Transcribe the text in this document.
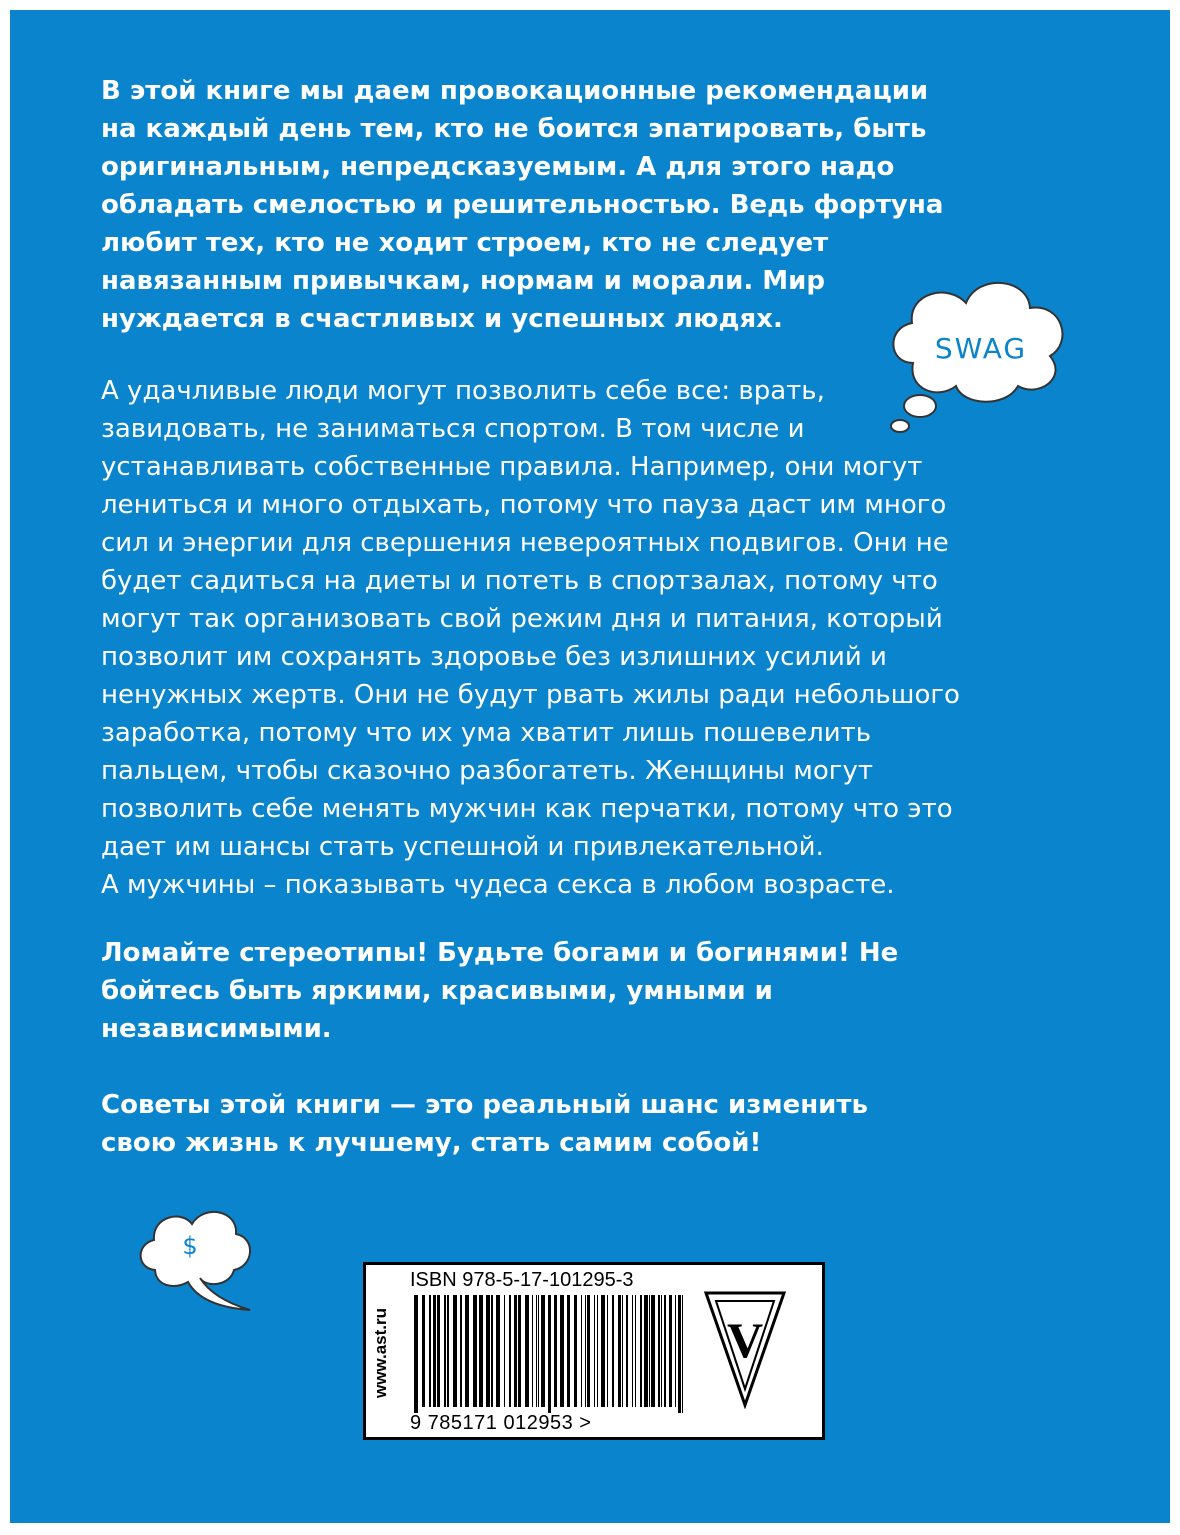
В этой книге мы даем провокационные рекомендации
на каждый день тем, кто не боится эпатировать, быть
оригинальным, непредсказуемым. А для этого надо
обладать смелостью и решительностью. Ведь фортуна
любит тех, кто не ходит строем, кто не следует
навязанным привычкам, нормам и морали. Мир
нуждается в счастливых и успешных людях.

SWAG

А удачливые люди могут позволить себе все: врать,
завидовать, не заниматься спортом. В том числе и
устанавливать собственные правила. Например, они могут
лениться и много отдыхать, потому что пауза даст им много
сил и энергии для свершения невероятных подвигов. Они не
будет садиться на диеты и потеть в спортзалах, потому что
могут так организовать свой режим дня и питания, который
позволит им сохранять здоровье без излишних усилий и
ненужных жертв. Они не будут рвать жилы ради небольшого
заработка, потому что их ума хватит лишь пошевелить
пальцем, чтобы сказочно разбогатеть. Женщины могут
позволить себе менять мужчин как перчатки, потому что это
дает им шансы стать успешной и привлекательной.
А мужчины – показывать чудеса секса в любом возрасте.

Ломайте стереотипы! Будьте богами и богинями! Не
бойтесь быть яркими, красивыми, умными и
независимыми.

Советы этой книги — это реальный шанс изменить
свою жизнь к лучшему, стать самим собой!

$
www.ast.ru
ISBN 978-5-17-101295-3
9 785171 012953 >
V
